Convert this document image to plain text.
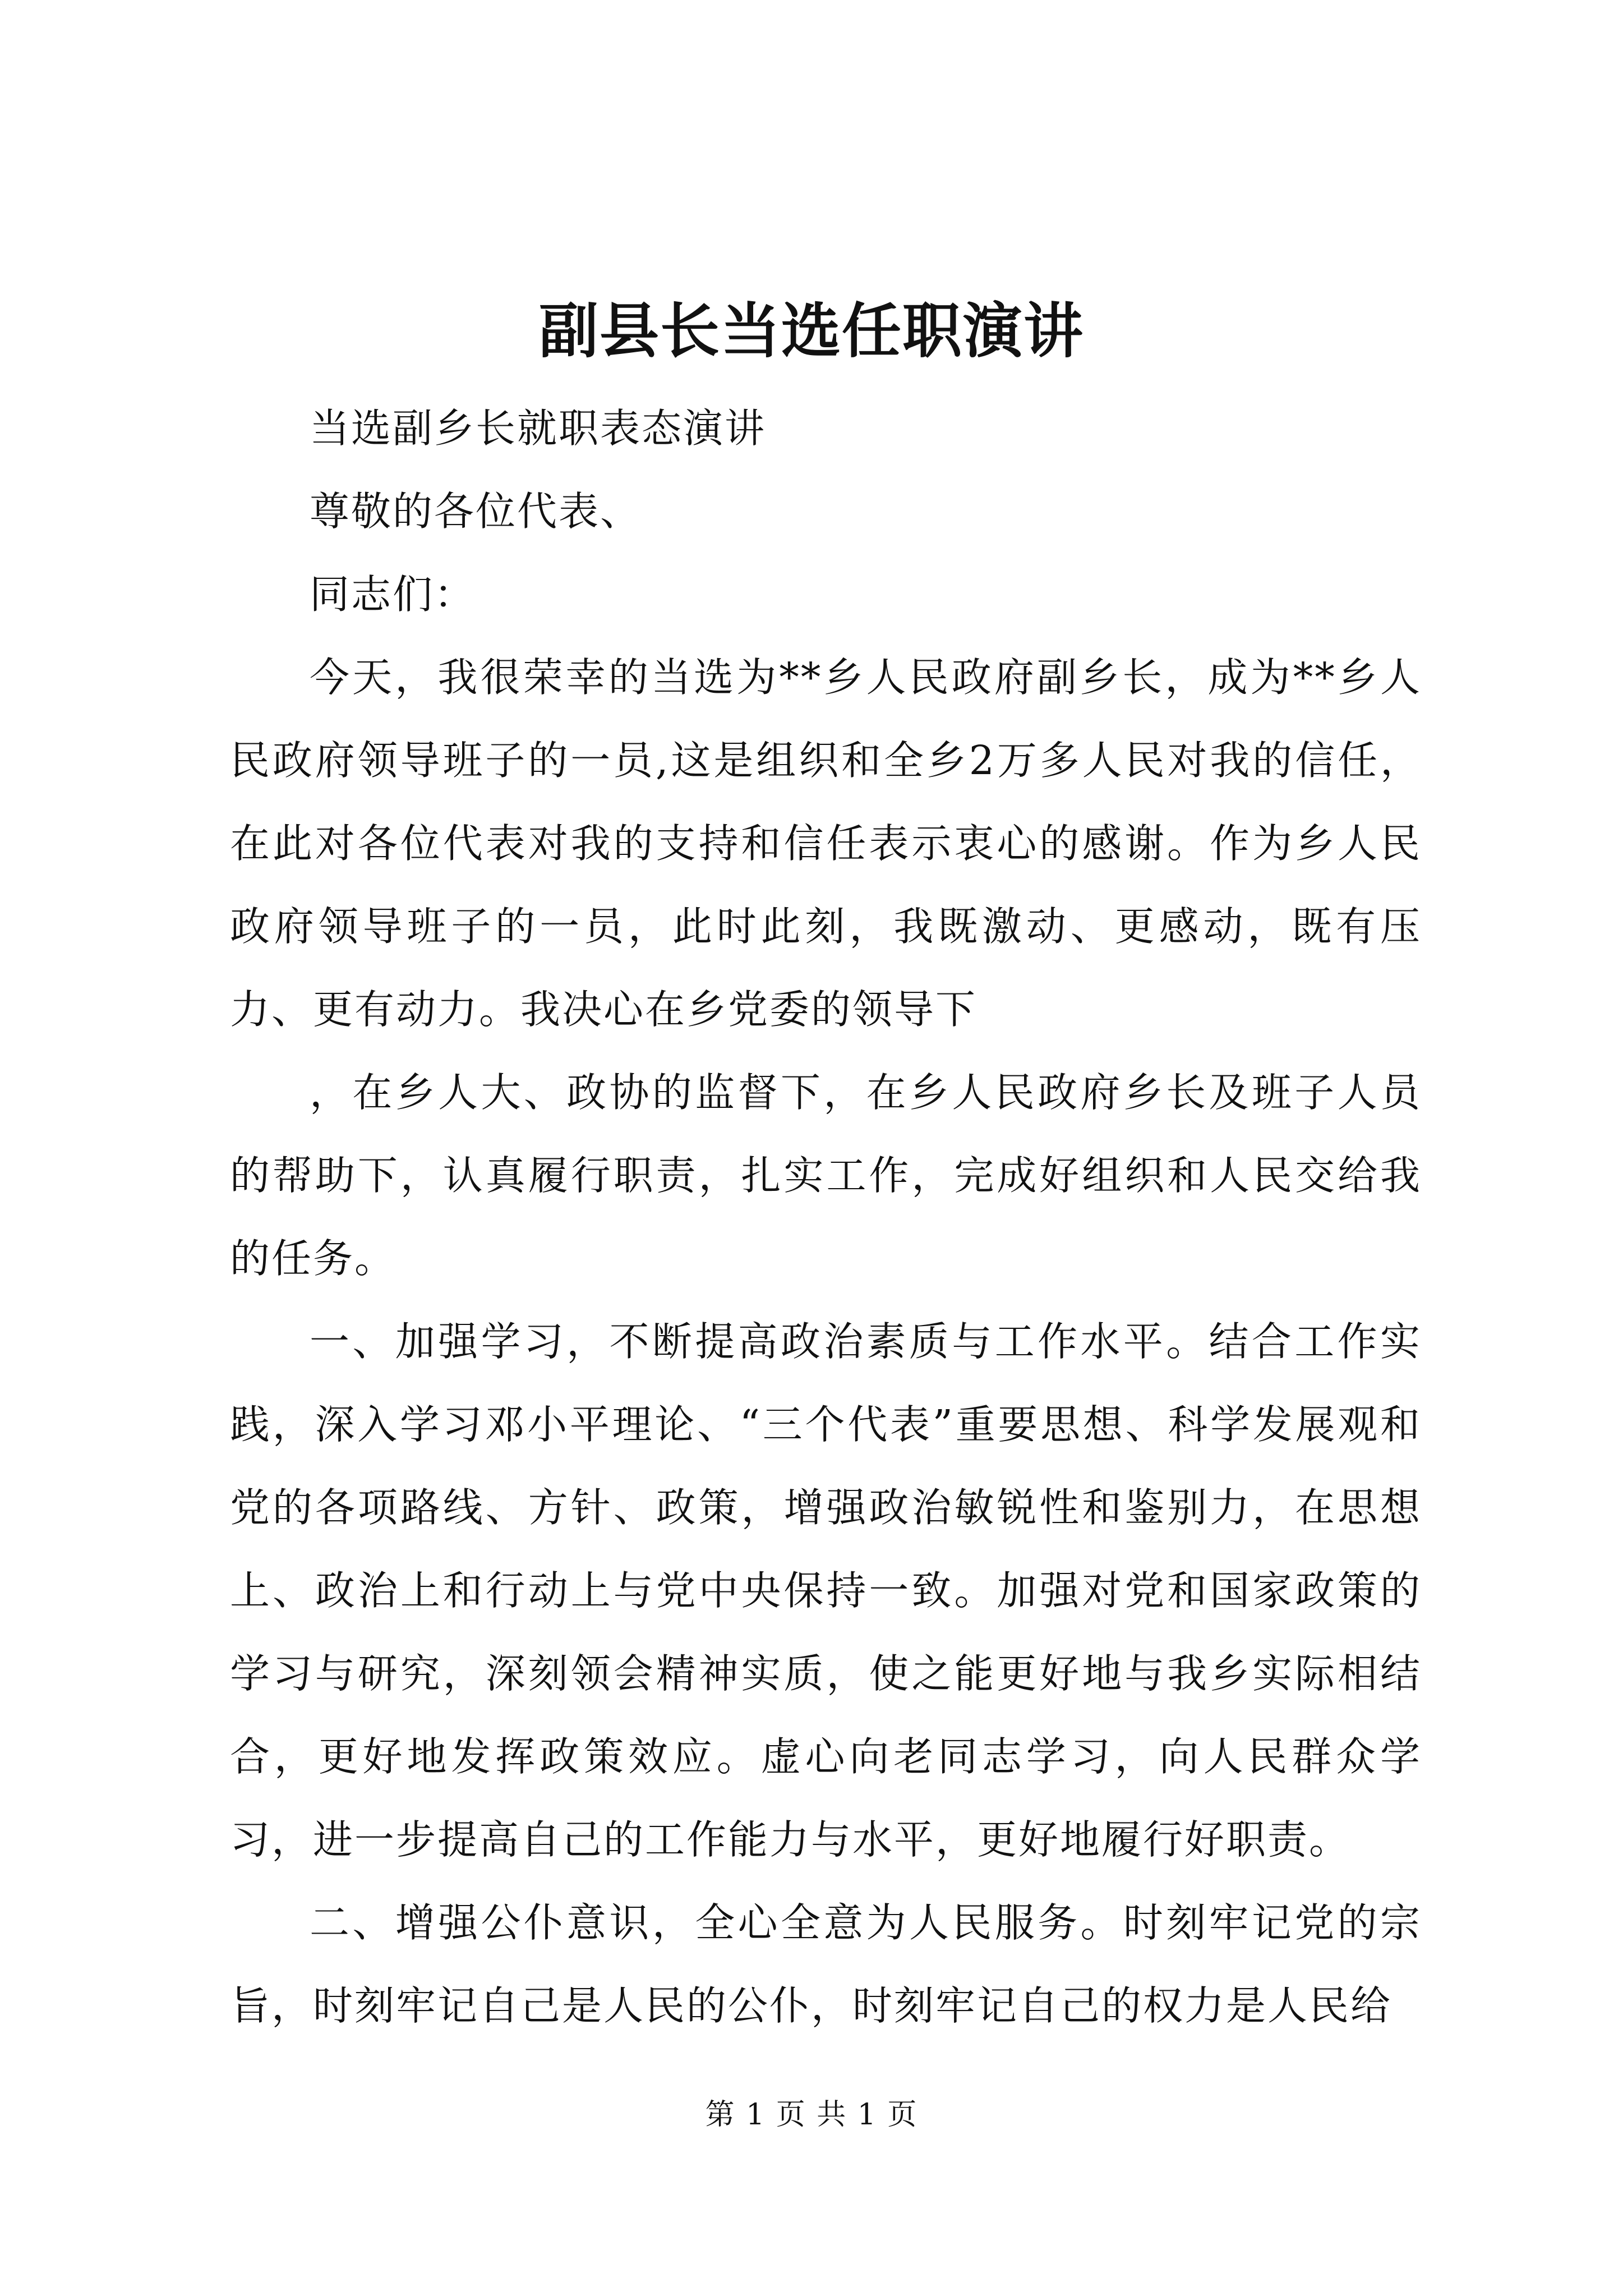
副县长当选任职演讲

当选副乡长就职表态演讲

尊敬的各位代表、

同志们：

今天，我很荣幸的当选为**乡人民政府副乡长，成为**乡人民政府领导班子的一员,这是组织和全乡2万多人民对我的信任，在此对各位代表对我的支持和信任表示衷心的感谢。作为乡人民政府领导班子的一员，此时此刻，我既激动、更感动，既有压力、更有动力。我决心在乡党委的领导下

，在乡人大、政协的监督下，在乡人民政府乡长及班子人员的帮助下，认真履行职责，扎实工作，完成好组织和人民交给我的任务。

一、加强学习，不断提高政治素质与工作水平。结合工作实践，深入学习邓小平理论、“三个代表”重要思想、科学发展观和党的各项路线、方针、政策，增强政治敏锐性和鉴别力，在思想上、政治上和行动上与党中央保持一致。加强对党和国家政策的学习与研究，深刻领会精神实质，使之能更好地与我乡实际相结合，更好地发挥政策效应。虚心向老同志学习，向人民群众学习，进一步提高自己的工作能力与水平，更好地履行好职责。

二、增强公仆意识，全心全意为人民服务。时刻牢记党的宗旨，时刻牢记自己是人民的公仆，时刻牢记自己的权力是人民给

第 1 页 共 1 页
